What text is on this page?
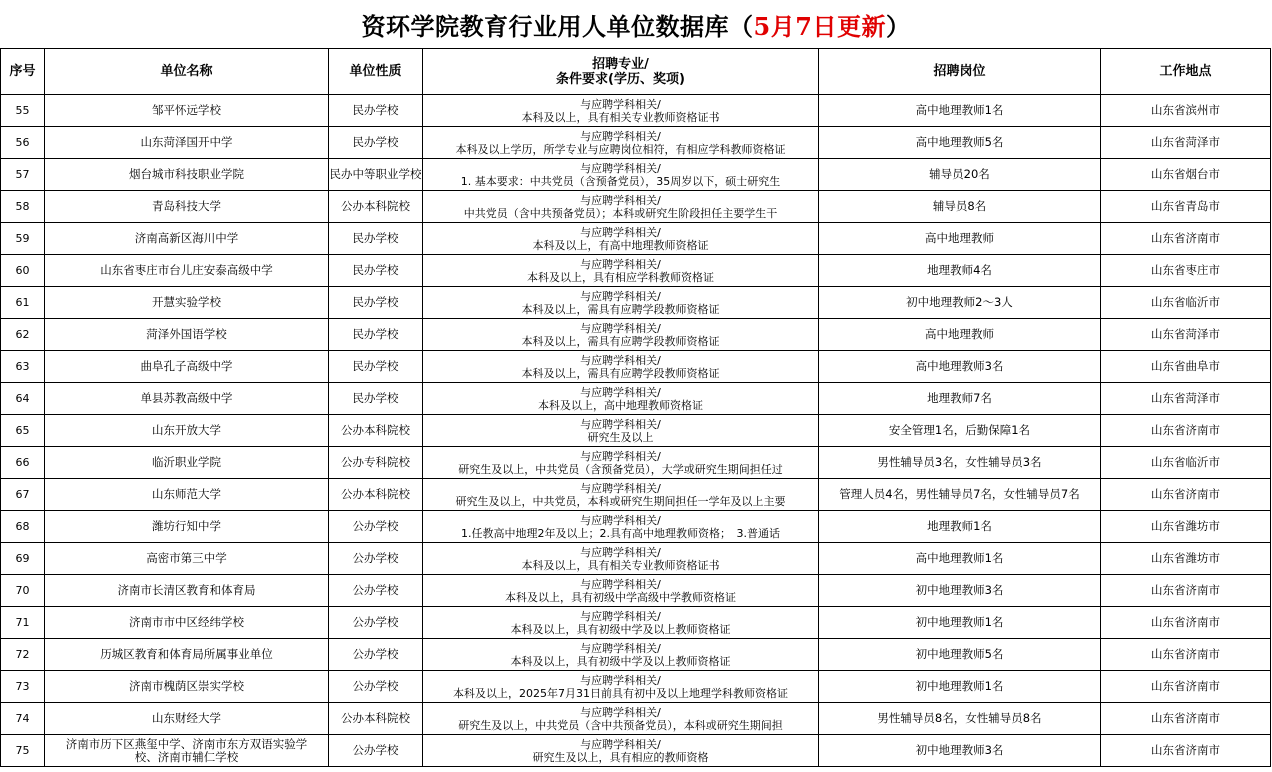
资环学院教育行业用人单位数据库（ 5月7日更新 ）
序号	单位名称	单位性质	招聘专业/
条件要求(学历、奖项)	招聘岗位	工作地点
55	邹平怀远学校	民办学校	与应聘学科相关/
本科及以上，具有相关专业教师资格证书	高中地理教师1名	山东省滨州市
56	山东菏泽国开中学	民办学校	与应聘学科相关/
本科及以上学历，所学专业与应聘岗位相符，有相应学科教师资格证	高中地理教师5名	山东省菏泽市
57	烟台城市科技职业学院	民办中等职业学校	与应聘学科相关/
1. 基本要求：中共党员（含预备党员），35周岁以下，硕士研究生	辅导员20名	山东省烟台市
58	青岛科技大学	公办本科院校	与应聘学科相关/
中共党员（含中共预备党员）；本科或研究生阶段担任主要学生干	辅导员8名	山东省青岛市
59	济南高新区海川中学	民办学校	与应聘学科相关/
本科及以上，有高中地理教师资格证	高中地理教师	山东省济南市
60	山东省枣庄市台儿庄安泰高级中学	民办学校	与应聘学科相关/
本科及以上，具有相应学科教师资格证	地理教师4名	山东省枣庄市
61	开慧实验学校	民办学校	与应聘学科相关/
本科及以上，需具有应聘学段教师资格证	初中地理教师2～3人	山东省临沂市
62	菏泽外国语学校	民办学校	与应聘学科相关/
本科及以上，需具有应聘学段教师资格证	高中地理教师	山东省菏泽市
63	曲阜孔子高级中学	民办学校	与应聘学科相关/
本科及以上，需具有应聘学段教师资格证	高中地理教师3名	山东省曲阜市
64	单县苏教高级中学	民办学校	与应聘学科相关/
本科及以上，高中地理教师资格证	地理教师7名	山东省菏泽市
65	山东开放大学	公办本科院校	与应聘学科相关/
研究生及以上	安全管理1名，后勤保障1名	山东省济南市
66	临沂职业学院	公办专科院校	与应聘学科相关/
研究生及以上，中共党员（含预备党员），大学或研究生期间担任过	男性辅导员3名，女性辅导员3名	山东省临沂市
67	山东师范大学	公办本科院校	与应聘学科相关/
研究生及以上，中共党员，本科或研究生期间担任一学年及以上主要	管理人员4名，男性辅导员7名，女性辅导员7名	山东省济南市
68	潍坊行知中学	公办学校	与应聘学科相关/
1.任教高中地理2年及以上；2.具有高中地理教师资格；　3.普通话	地理教师1名	山东省潍坊市
69	高密市第三中学	公办学校	与应聘学科相关/
本科及以上，具有相关专业教师资格证书	高中地理教师1名	山东省潍坊市
70	济南市长清区教育和体育局	公办学校	与应聘学科相关/
本科及以上，具有初级中学高级中学教师资格证	初中地理教师3名	山东省济南市
71	济南市市中区经纬学校	公办学校	与应聘学科相关/
本科及以上，具有初级中学及以上教师资格证	初中地理教师1名	山东省济南市
72	历城区教育和体育局所属事业单位	公办学校	与应聘学科相关/
本科及以上，具有初级中学及以上教师资格证	初中地理教师5名	山东省济南市
73	济南市槐荫区崇实学校	公办学校	与应聘学科相关/
本科及以上，2025年7月31日前具有初中及以上地理学科教师资格证	初中地理教师1名	山东省济南市
74	山东财经大学	公办本科院校	与应聘学科相关/
研究生及以上，中共党员（含中共预备党员），本科或研究生期间担	男性辅导员8名，女性辅导员8名	山东省济南市
75	济南市历下区燕玺中学、济南市东方双语实验学
校、济南市辅仁学校	公办学校	与应聘学科相关/
研究生及以上，具有相应的教师资格	初中地理教师3名	山东省济南市
